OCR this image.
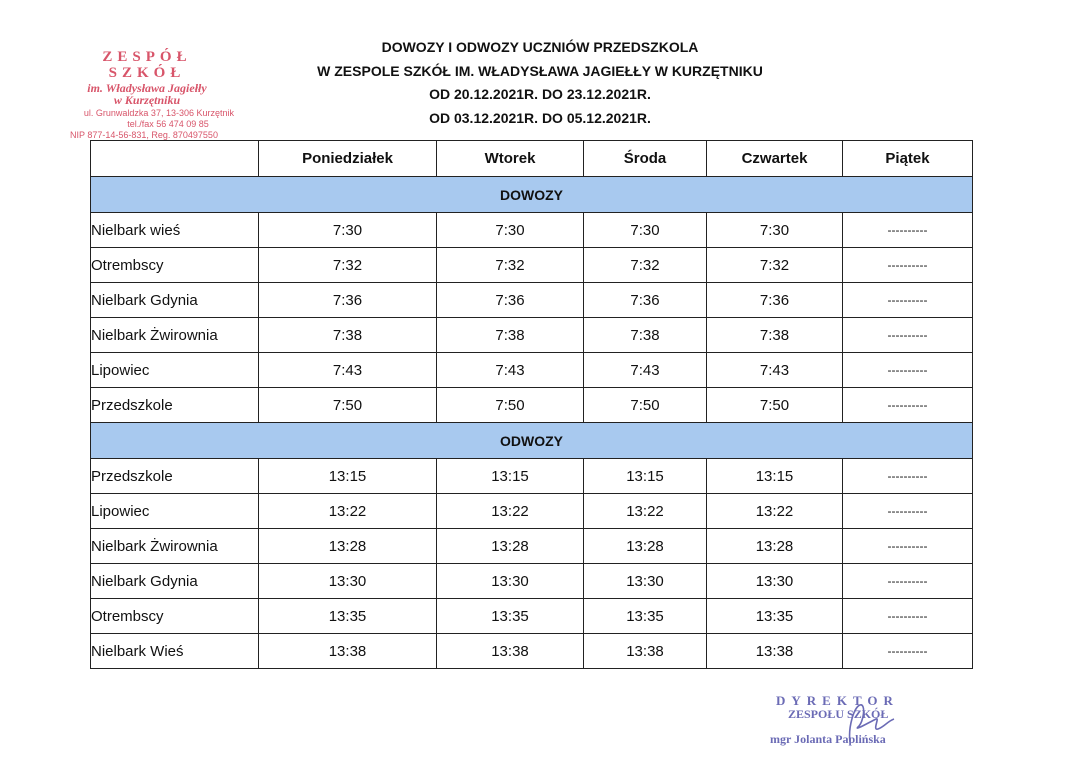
ZESPÓŁ SZKÓŁ
im. Władysława Jagiełły
w Kurzętniku
ul. Grunwaldzka 37, 13-306 Kurzętnik
tel./fax 56 474 09 85
NIP 877-14-56-831, Reg. 870497550
DOWOZY I ODWOZY UCZNIÓW PRZEDSZKOLA
W ZESPOLE SZKÓŁ IM. WŁADYSŁAWA JAGIEŁŁY W KURZĘTNIKU
OD 20.12.2021R. DO 23.12.2021R.
OD 03.12.2021R. DO 05.12.2021R.
	Poniedziałek	Wtorek	Środa	Czwartek	Piątek
DOWOZY					
Nielbark wieś	7:30	7:30	7:30	7:30	----------
Otrembscy	7:32	7:32	7:32	7:32	----------
Nielbark Gdynia	7:36	7:36	7:36	7:36	----------
Nielbark Żwirownia	7:38	7:38	7:38	7:38	----------
Lipowiec	7:43	7:43	7:43	7:43	----------
Przedszkole	7:50	7:50	7:50	7:50	----------
ODWOZY					
Przedszkole	13:15	13:15	13:15	13:15	----------
Lipowiec	13:22	13:22	13:22	13:22	----------
Nielbark Żwirownia	13:28	13:28	13:28	13:28	----------
Nielbark Gdynia	13:30	13:30	13:30	13:30	----------
Otrembscy	13:35	13:35	13:35	13:35	----------
Nielbark Wieś	13:38	13:38	13:38	13:38	----------
DYREKTOR
ZESPOŁU SZKÓŁ
mgr Jolanta Paplińska
